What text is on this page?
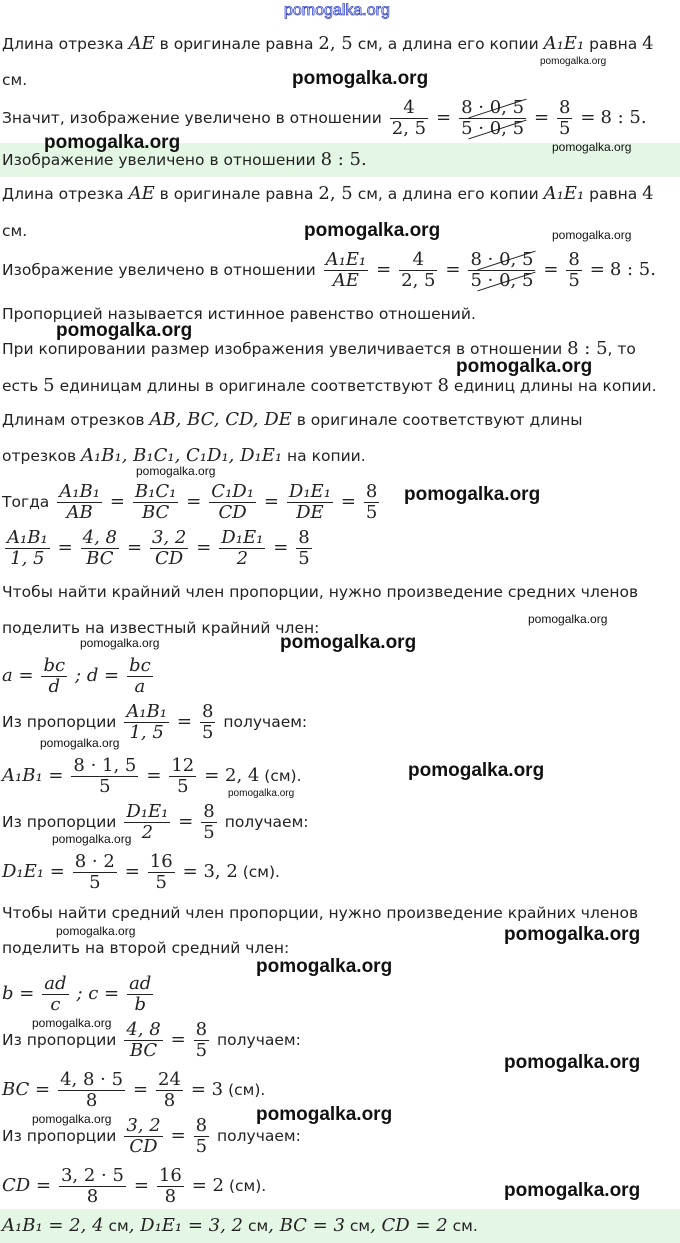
Длина отрезка AE в оригинале равна 2, 5 см, а длина его копии A₁E₁ равна 4
см.
Значит, изображение увеличено в отношении $\frac{4}{2, 5} = \frac{8 \cdot 0, 5}{5 \cdot 0, 5} = \frac{8}{5} = 8$ : 5.
Изображение увеличено в отношении 8 : 5.
Длина отрезка AE в оригинале равна 2, 5 см, а длина его копии A₁E₁ равна 4
см.
Изображение увеличено в отношении $\frac{\text{A₁E₁}}{AE} = \frac{4}{2, 5} = \frac{8 \cdot 0, 5}{5 \cdot 0, 5} = \frac{8}{5} = 8$ : 5.
Пропорцией называется истинное равенство отношений.
При копировании размер изображения увеличивается в отношении 8 : 5, то
есть 5 единицам длины в оригинале соответствуют 8 единиц длины на копии.
Длинам отрезков AB, BC, CD, DE в оригинале соответствуют длины
отрезков A₁B₁, B₁C₁, C₁D₁, D₁E₁ на копии.
Тогда $\frac{\text{A₁B₁}}{AB} = \frac{\text{B₁C₁}}{BC} = \frac{\text{C₁D₁}}{CD} = \frac{\text{D₁E₁}}{DE} = \frac{8}{5}$
$\frac{\text{A₁B₁}}{1, 5} = \frac{4, 8}{BC} = \frac{3, 2}{CD} = \frac{\text{D₁E₁}}{2} = \frac{8}{5}$
Чтобы найти крайний член пропорции, нужно произведение средних членов
поделить на известный крайний член:
$a = \frac{bc}{d}$ ; $d = \frac{bc}{a}$
Из пропорции $\frac{\text{A₁B₁}}{1, 5} = \frac{8}{5}$ получаем:
$A_1B_1 = \frac{8 \cdot 1, 5}{5} = \frac{12}{5} = 2$, 4 (см).
Из пропорции $\frac{\text{D₁E₁}}{2} = \frac{8}{5}$ получаем:
$D_1E_1 = \frac{8 \cdot 2}{5} = \frac{16}{5} = 3$, 2 (см).
Чтобы найти средний член пропорции, нужно произведение крайних членов
поделить на второй средний член:
$b = \frac{ad}{c}$ ; $c = \frac{ad}{b}$
Из пропорции $\frac{4, 8}{BC} = \frac{8}{5}$ получаем:
BC = $\frac{4, 8 \cdot 5}{8} = \frac{24}{8} = 3$ (см).
Из пропорции $\frac{3, 2}{CD} = \frac{8}{5}$ получаем:
CD = $\frac{3, 2 \cdot 5}{8} = \frac{16}{8} = 2$ (см).
A₁B₁ = 2, 4 см, D₁E₁ = 3, 2 см, BC = 3 см, CD = 2 см.
pomogalka.org
pomogalka.org
pomogalka.org
pomogalka.org	pomogalka.org
pomogalka.org	pomogalka.org
pomogalka.org
pomogalka.org
pomogalka.org
pomogalka.org
pomogalka.org
pomogalka.org	pomogalka.org
pomogalka.org
pomogalka.org
pomogalka.org
pomogalka.org
pomogalka.org	pomogalka.org
pomogalka.org
pomogalka.org
pomogalka.org
pomogalka.org	pomogalka.org
pomogalka.org
